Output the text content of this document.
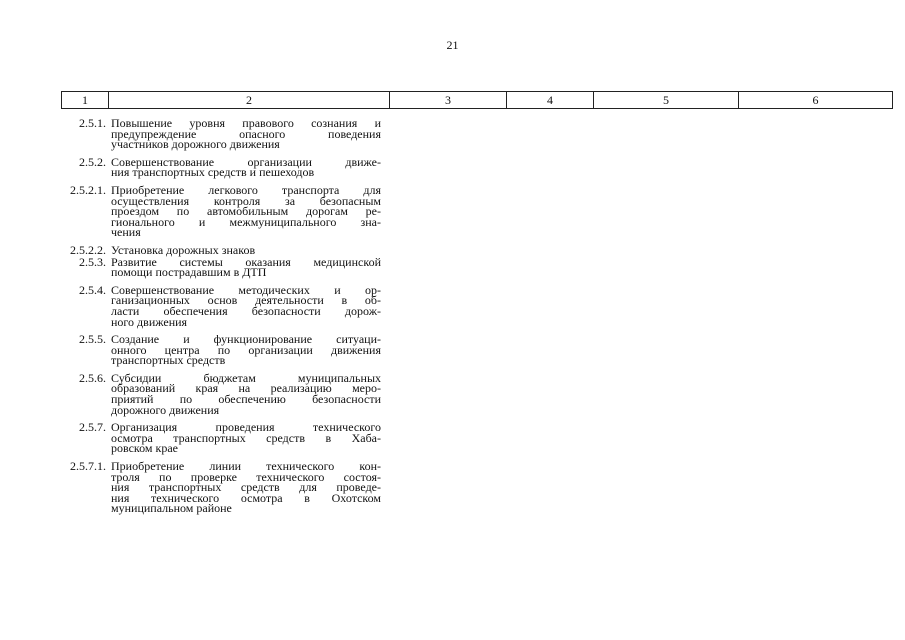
21
1	2	3	4	5	6
2.5.1. Повышение уровня правового сознания и
предупреждение опасного поведения
участников дорожного движения
2.5.2. Совершенствование организации движе-
ния транспортных средств и пешеходов
2.5.2.1. Приобретение легкового транспорта для
осуществления контроля за безопасным
проездом по автомобильным дорогам ре-
гионального и межмуниципального зна-
чения
2.5.2.2. Установка дорожных знаков
2.5.3. Развитие системы оказания медицинской
помощи пострадавшим в ДТП
2.5.4. Совершенствование методических и ор-
ганизационных основ деятельности в об-
ласти обеспечения безопасности дорож-
ного движения
2.5.5. Создание и функционирование ситуаци-
онного центра по организации движения
транспортных средств
2.5.6. Субсидии бюджетам муниципальных
образований края на реализацию меро-
приятий по обеспечению безопасности
дорожного движения
2.5.7. Организация проведения технического
осмотра транспортных средств в Хаба-
ровском крае
2.5.7.1. Приобретение линии технического кон-
троля по проверке технического состоя-
ния транспортных средств для проведе-
ния технического осмотра в Охотском
муниципальном районе
